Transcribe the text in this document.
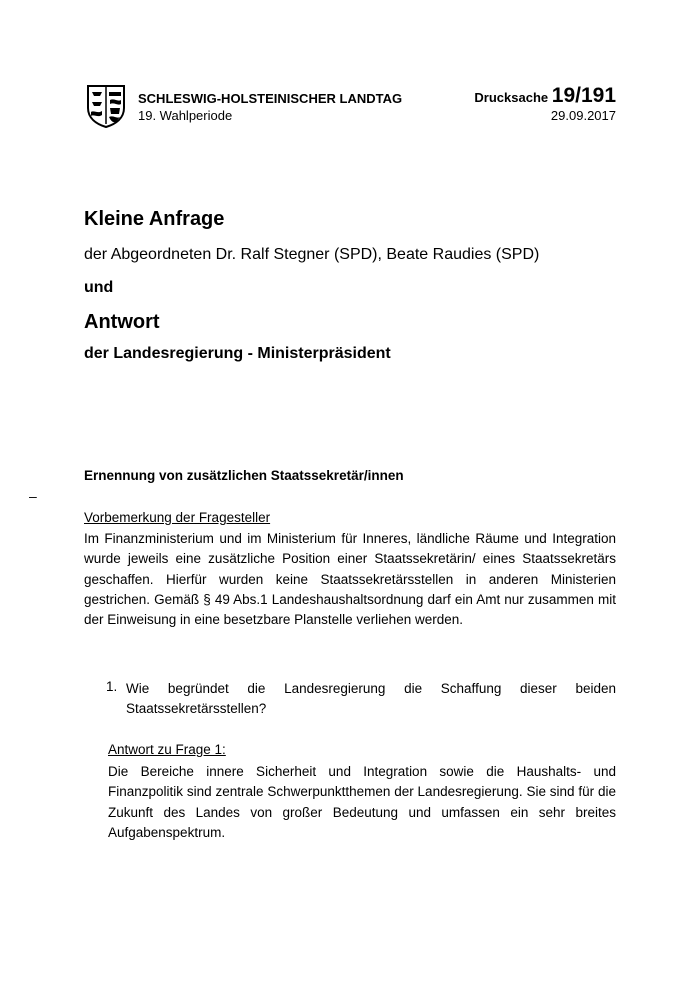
SCHLESWIG-HOLSTEINISCHER LANDTAG
19. Wahlperiode
Drucksache 19/191
29.09.2017
Kleine Anfrage
der Abgeordneten Dr. Ralf Stegner (SPD), Beate Raudies (SPD)
und
Antwort
der Landesregierung - Ministerpräsident
Ernennung von zusätzlichen Staatssekretär/innen
–
Vorbemerkung der Fragesteller
Im Finanzministerium und im Ministerium für Inneres, ländliche Räume und Integration wurde jeweils eine zusätzliche Position einer Staatssekretärin/ eines Staatssekretärs geschaffen. Hierfür wurden keine Staatssekretärsstellen in anderen Ministerien gestrichen. Gemäß § 49 Abs.1 Landeshaushaltsordnung darf ein Amt nur zusammen mit der Einweisung in eine besetzbare Planstelle verliehen werden.
1. Wie begründet die Landesregierung die Schaffung dieser beiden Staatssekretärsstellen?
Antwort zu Frage 1:
Die Bereiche innere Sicherheit und Integration sowie die Haushalts- und Finanzpolitik sind zentrale Schwerpunktthemen der Landesregierung. Sie sind für die Zukunft des Landes von großer Bedeutung und umfassen ein sehr breites Aufgabenspektrum.
